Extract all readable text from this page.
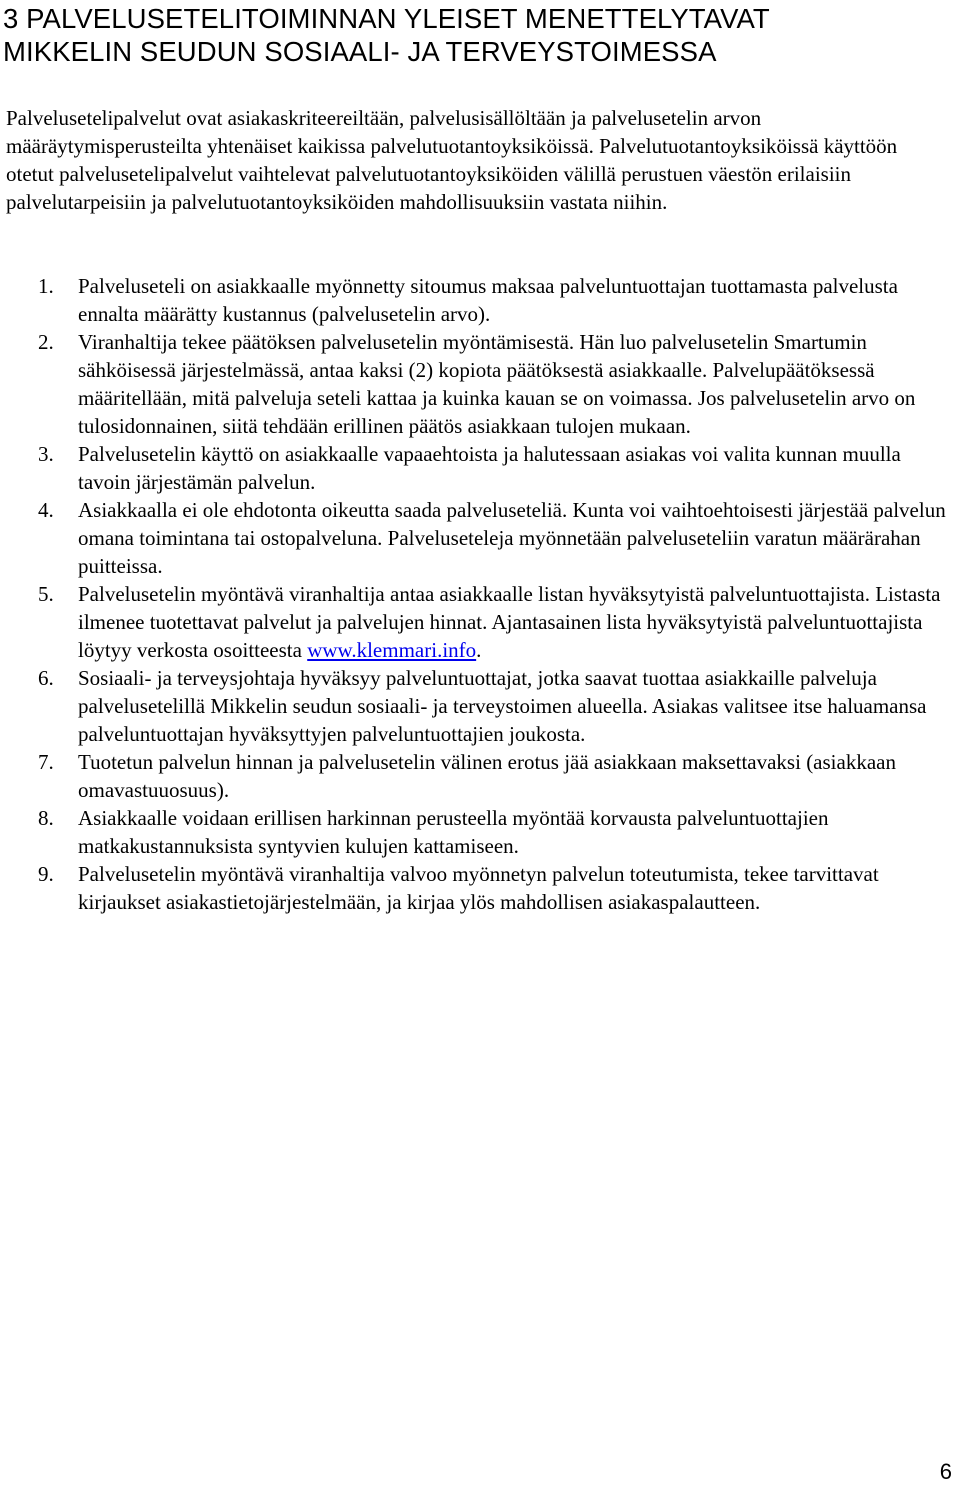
3 PALVELUSETELITOIMINNAN YLEISET MENETTELYTAVAT
MIKKELIN SEUDUN SOSIAALI- JA TERVEYSTOIMESSA

Palvelusetelipalvelut ovat asiakaskriteereiltään, palvelusisällöltään ja palvelusetelin arvon määräytymisperusteilta yhtenäiset kaikissa palvelutuotantoyksiköissä. Palvelutuotantoyksiköissä käyttöön otetut palvelusetelipalvelut vaihtelevat palvelutuotantoyksiköiden välillä perustuen väestön erilaisiin palvelutarpeisiin ja palvelutuotantoyksiköiden mahdollisuuksiin vastata niihin.

1. Palveluseteli on asiakkaalle myönnetty sitoumus maksaa palveluntuottajan tuottamasta palvelusta ennalta määrätty kustannus (palvelusetelin arvo).
2. Viranhaltija tekee päätöksen palvelusetelin myöntämisestä. Hän luo palvelusetelin Smartumin sähköisessä järjestelmässä, antaa kaksi (2) kopiota päätöksestä asiakkaalle. Palvelupäätöksessä määritellään, mitä palveluja seteli kattaa ja kuinka kauan se on voimassa. Jos palvelusetelin arvo on tulosidonnainen, siitä tehdään erillinen päätös asiakkaan tulojen mukaan.
3. Palvelusetelin käyttö on asiakkaalle vapaaehtoista ja halutessaan asiakas voi valita kunnan muulla tavoin järjestämän palvelun.
4. Asiakkaalla ei ole ehdotonta oikeutta saada palveluseteliä. Kunta voi vaihtoehtoisesti järjestää palvelun omana toimintana tai ostopalveluna. Palveluseteleja myönnetään palveluseteliin varatun määrärahan puitteissa.
5. Palvelusetelin myöntävä viranhaltija antaa asiakkaalle listan hyväksytyistä palveluntuottajista. Listasta ilmenee tuotettavat palvelut ja palvelujen hinnat. Ajantasainen lista hyväksytyistä palveluntuottajista löytyy verkosta osoitteesta www.klemmari.info.
6. Sosiaali- ja terveysjohtaja hyväksyy palveluntuottajat, jotka saavat tuottaa asiakkaille palveluja palvelusetelillä Mikkelin seudun sosiaali- ja terveystoimen alueella. Asiakas valitsee itse haluamansa palveluntuottajan hyväksyttyjen palveluntuottajien joukosta.
7. Tuotetun palvelun hinnan ja palvelusetelin välinen erotus jää asiakkaan maksettavaksi (asiakkaan omavastuuosuus).
8. Asiakkaalle voidaan erillisen harkinnan perusteella myöntää korvausta palveluntuottajien matkakustannuksista syntyvien kulujen kattamiseen.
9. Palvelusetelin myöntävä viranhaltija valvoo myönnetyn palvelun toteutumista, tekee tarvittavat kirjaukset asiakastietojärjestelmään, ja kirjaa ylös mahdollisen asiakaspalautteen.
6
